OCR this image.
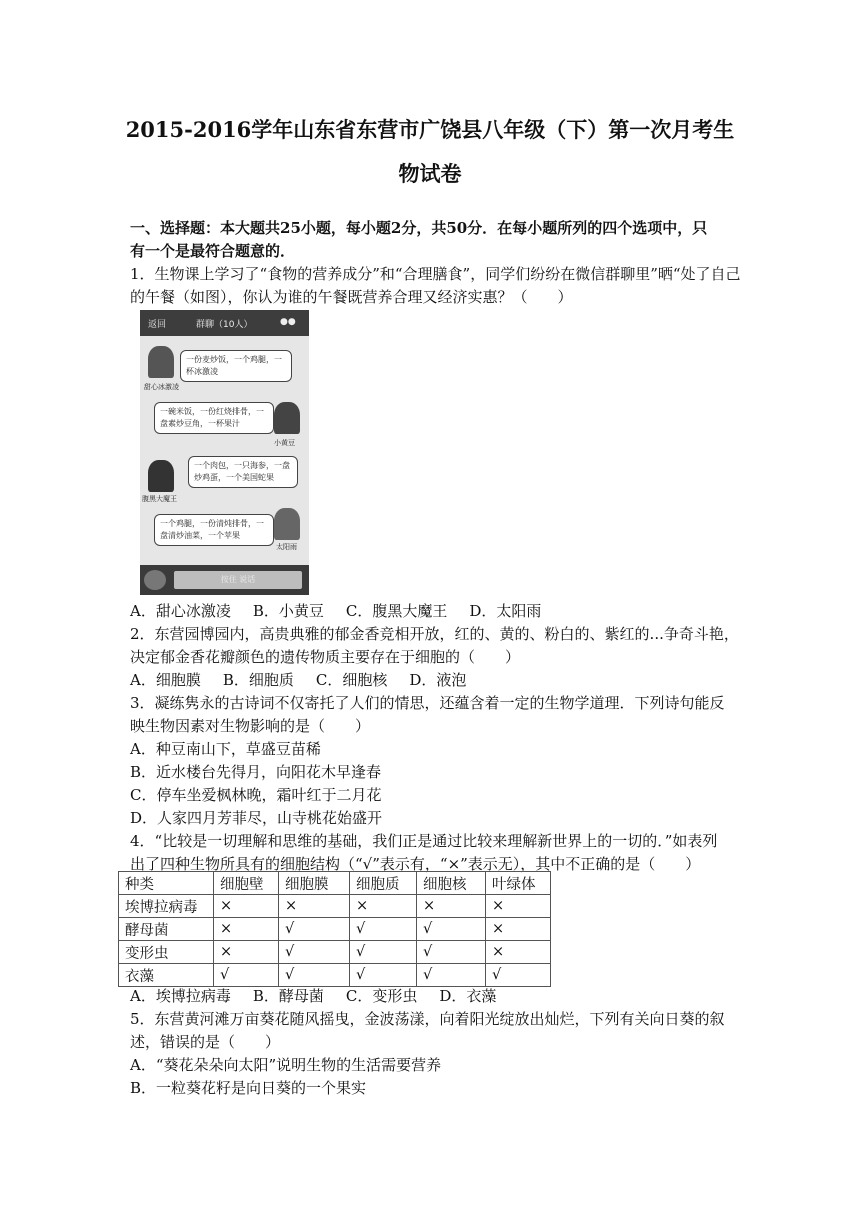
2015-2016学年山东省东营市广饶县八年级（下）第一次月考生
物试卷
一、选择题：本大题共25小题，每小题2分，共50分．在每小题所列的四个选项中，只
有一个是最符合题意的．
1．生物课上学习了“食物的营养成分”和“合理膳食”，同学们纷纷在微信群聊里”晒“处了自己
的午餐（如图），你认为谁的午餐既营养合理又经济实惠？（　　）
返回	群聊（10人）	●●
甜心冰激凌
一份麦炒饭，一个鸡腿，一杯冰激凌
小黄豆
一碗米饭，一份红烧排骨，一盘素炒豆角，一杯果汁
腹黑大魔王
一个肉包，一只海参，一盘炒鸡蛋，一个美国蛇果
太阳雨
一个鸡腿，一份清炖排骨，一盘清炒油菜，一个苹果
按住 说话
A．甜心冰激凌 B．小黄豆 C．腹黑大魔王 D．太阳雨
2．东营园博园内，高贵典雅的郁金香竞相开放，红的、黄的、粉白的、紫红的...争奇斗艳，
决定郁金香花瓣颜色的遗传物质主要存在于细胞的（　　）
A．细胞膜 B．细胞质 C．细胞核 D．液泡
3．凝练隽永的古诗词不仅寄托了人们的情思，还蕴含着一定的生物学道理．下列诗句能反
映生物因素对生物影响的是（　　）
A．种豆南山下，草盛豆苗稀
B．近水楼台先得月，向阳花木早逢春
C．停车坐爱枫林晚，霜叶红于二月花
D．人家四月芳菲尽，山寺桃花始盛开
4．“比较是一切理解和思维的基础，我们正是通过比较来理解新世界上的一切的．”如表列
出了四种生物所具有的细胞结构（“√”表示有，“×”表示无），其中不正确的是（　　）
种类	细胞壁	细胞膜	细胞质	细胞核	叶绿体
埃博拉病毒	×	×	×	×	×
酵母菌	×	√	√	√	×
变形虫	×	√	√	√	×
衣藻	√	√	√	√	√
A．埃博拉病毒 B．酵母菌 C．变形虫 D．衣藻
5．东营黄河滩万亩葵花随风摇曳，金波荡漾，向着阳光绽放出灿烂，下列有关向日葵的叙
述，错误的是（　　）
A．“葵花朵朵向太阳”说明生物的生活需要营养
B．一粒葵花籽是向日葵的一个果实
